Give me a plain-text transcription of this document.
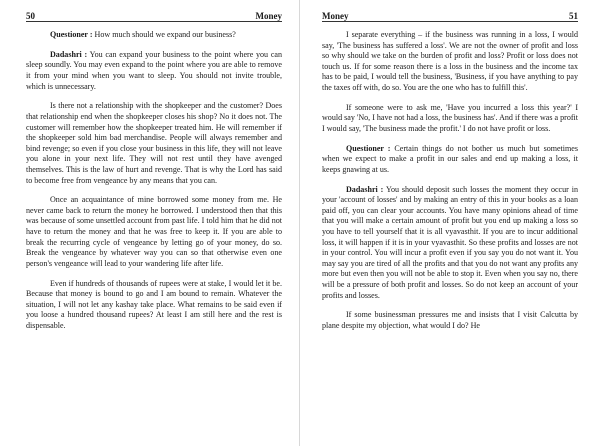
50	Money

Questioner : How much should we expand our business?

Dadashri : You can expand your business to the point where you can sleep soundly. You may even expand to the point where you are able to remove it from your mind when you want to sleep. You should not invite trouble, which is unnecessary.

Is there not a relationship with the shopkeeper and the customer? Does that relationship end when the shopkeeper closes his shop? No it does not. The customer will remember how the shopkeeper treated him. He will remember if the shopkeeper sold him bad merchandise. People will always remember and bind revenge; so even if you close your business in this life, they will not leave you alone in your next life. They will not rest until they have avenged themselves. This is the law of hurt and revenge. That is why the Lord has said to become free from vengeance by any means that you can.

Once an acquaintance of mine borrowed some money from me. He never came back to return the money he borrowed. I understood then that this was because of some unsettled account from past life. I told him that he did not have to return the money and that he was free to keep it. If you are able to break the recurring cycle of vengeance by letting go of your money, do so. Break the vengeance by whatever way you can so that otherwise even one person's vengeance will lead to your wandering life after life.

Even if hundreds of thousands of rupees were at stake, I would let it be. Because that money is bound to go and I am bound to remain. Whatever the situation, I will not let any kashay take place. What remains to be said even if you loose a hundred thousand rupees? At least I am still here and the rest is dispensable.

Money	51

I separate everything – if the business was running in a loss, I would say, 'The business has suffered a loss'. We are not the owner of profit and loss so why should we take on the burden of profit and loss? Profit or loss does not touch us. If for some reason there is a loss in the business and the income tax has to be paid, I would tell the business, 'Business, if you have anything to pay the taxes off with, do so. You are the one who has to fulfill this'.

If someone were to ask me, 'Have you incurred a loss this year?' I would say 'No, I have not had a loss, the business has'. And if there was a profit I would say, 'The business made the profit.' I do not have profit or loss.

Questioner : Certain things do not bother us much but sometimes when we expect to make a profit in our sales and end up making a loss, it keeps gnawing at us.

Dadashri : You should deposit such losses the moment they occur in your 'account of losses' and by making an entry of this in your books as a loan paid off, you can clear your accounts. You have many opinions ahead of time that you will make a certain amount of profit but you end up making a loss so you have to tell yourself that it is all vyavasthit. If you are to incur additional loss, it will happen if it is in your vyavasthit. So these profits and losses are not in your control. You will incur a profit even if you say you do not want it. You may say you are tired of all the profits and that you do not want any profits any more but even then you will not be able to stop it. Even when you say no, there will be a pressure of both profit and losses. So do not keep an account of your profits and losses.

If some businessman pressures me and insists that I visit Calcutta by plane despite my objection, what would I do? He
